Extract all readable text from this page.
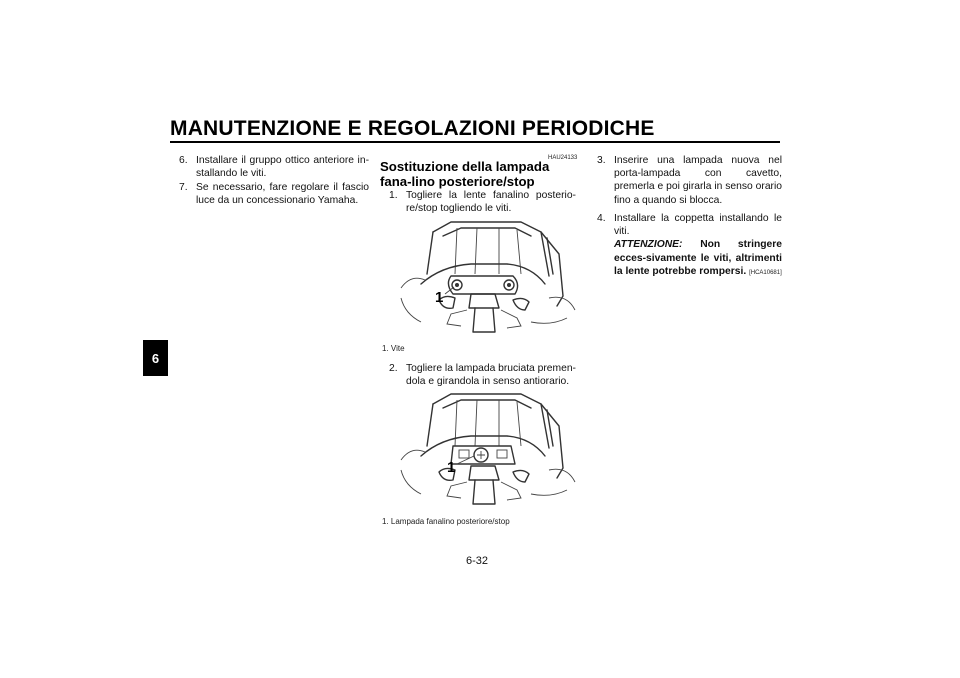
MANUTENZIONE E REGOLAZIONI PERIODICHE
6
6. Installare il gruppo ottico anteriore in-stallando le viti.
7. Se necessario, fare regolare il fascio luce da un concessionario Yamaha.
HAU24133
Sostituzione della lampada fana-lino posteriore/stop
1. Togliere la lente fanalino posterio-re/stop togliendo le viti.
1
1. Vite
2. Togliere la lampada bruciata premen-dola e girandola in senso antiorario.
1
1. Lampada fanalino posteriore/stop
3. Inserire una lampada nuova nel porta-lampada con cavetto, premerla e poi girarla in senso orario fino a quando si blocca.
4. Installare la coppetta installando le viti.
ATTENZIONE: Non stringere ecces-sivamente le viti, altrimenti la lente potrebbe rompersi. [HCA10681]
6-32
